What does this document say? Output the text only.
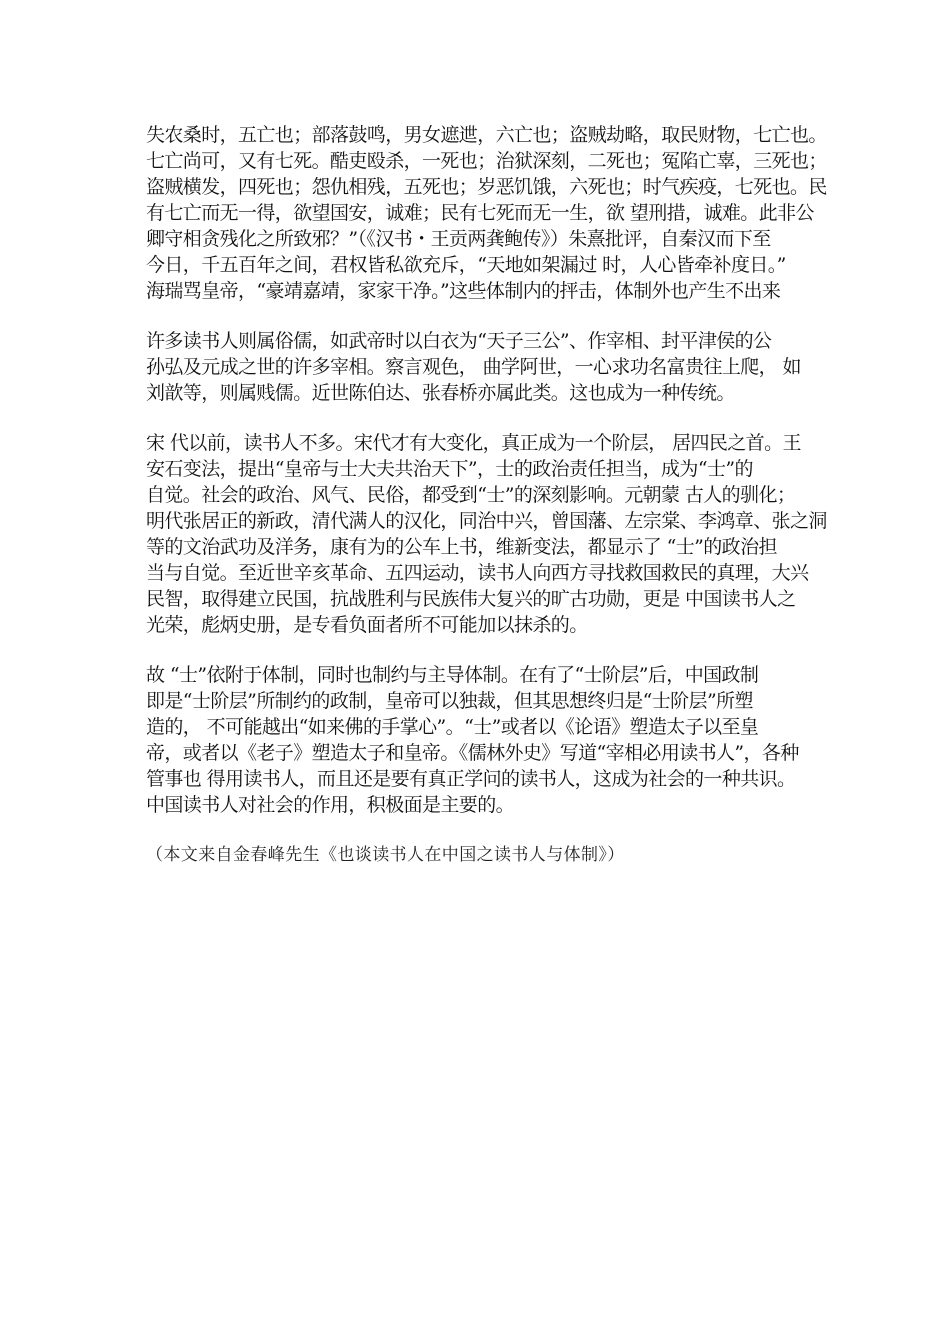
失农桑时，五亡也；部落鼓鸣，男女遮迣，六亡也；盗贼劫略，取民财物，七亡也。
七亡尚可，又有七死。酷吏殴杀，一死也；治狱深刻，二死也；冤陷亡辜，三死也；
盗贼横发，四死也；怨仇相残，五死也；岁恶饥饿，六死也；时气疾疫，七死也。民
有七亡而无一得，欲望国安，诚难；民有七死而无一生，欲 望刑措，诚难。此非公
卿守相贪残化之所致邪？”（《汉书・王贡两龚鲍传》）朱熹批评，自秦汉而下至
今日，千五百年之间，君权皆私欲充斥，“天地如架漏过 时，人心皆牵补度日。”
海瑞骂皇帝，“豪靖嘉靖，家家干净。”这些体制内的抨击，体制外也产生不出来
许多读书人则属俗儒，如武帝时以白衣为“天子三公”、作宰相、封平津侯的公
孙弘及元成之世的许多宰相。察言观色， 曲学阿世，一心求功名富贵往上爬， 如
刘歆等，则属贱儒。近世陈伯达、张春桥亦属此类。这也成为一种传统。
宋 代以前，读书人不多。宋代才有大变化，真正成为一个阶层， 居四民之首。王
安石变法，提出“皇帝与士大夫共治天下”，士的政治责任担当，成为“士”的
自觉。社会的政治、风气、民俗，都受到“士”的深刻影响。元朝蒙 古人的驯化；
明代张居正的新政，清代满人的汉化，同治中兴，曾国藩、左宗棠、李鸿章、张之洞
等的文治武功及洋务，康有为的公车上书，维新变法，都显示了 “士”的政治担
当与自觉。至近世辛亥革命、五四运动，读书人向西方寻找救国救民的真理，大兴
民智，取得建立民国，抗战胜利与民族伟大复兴的旷古功勋，更是 中国读书人之
光荣，彪炳史册，是专看负面者所不可能加以抹杀的。
故 “士”依附于体制，同时也制约与主导体制。在有了“士阶层”后，中国政制
即是“士阶层”所制约的政制，皇帝可以独裁，但其思想终归是“士阶层”所塑
造的， 不可能越出“如来佛的手掌心”。“士”或者以《论语》塑造太子以至皇
帝，或者以《老子》塑造太子和皇帝。《儒林外史》写道“宰相必用读书人”，各种
管事也 得用读书人，而且还是要有真正学问的读书人，这成为社会的一种共识。
中国读书人对社会的作用，积极面是主要的。
（本文来自金春峰先生《也谈读书人在中国之读书人与体制》）
